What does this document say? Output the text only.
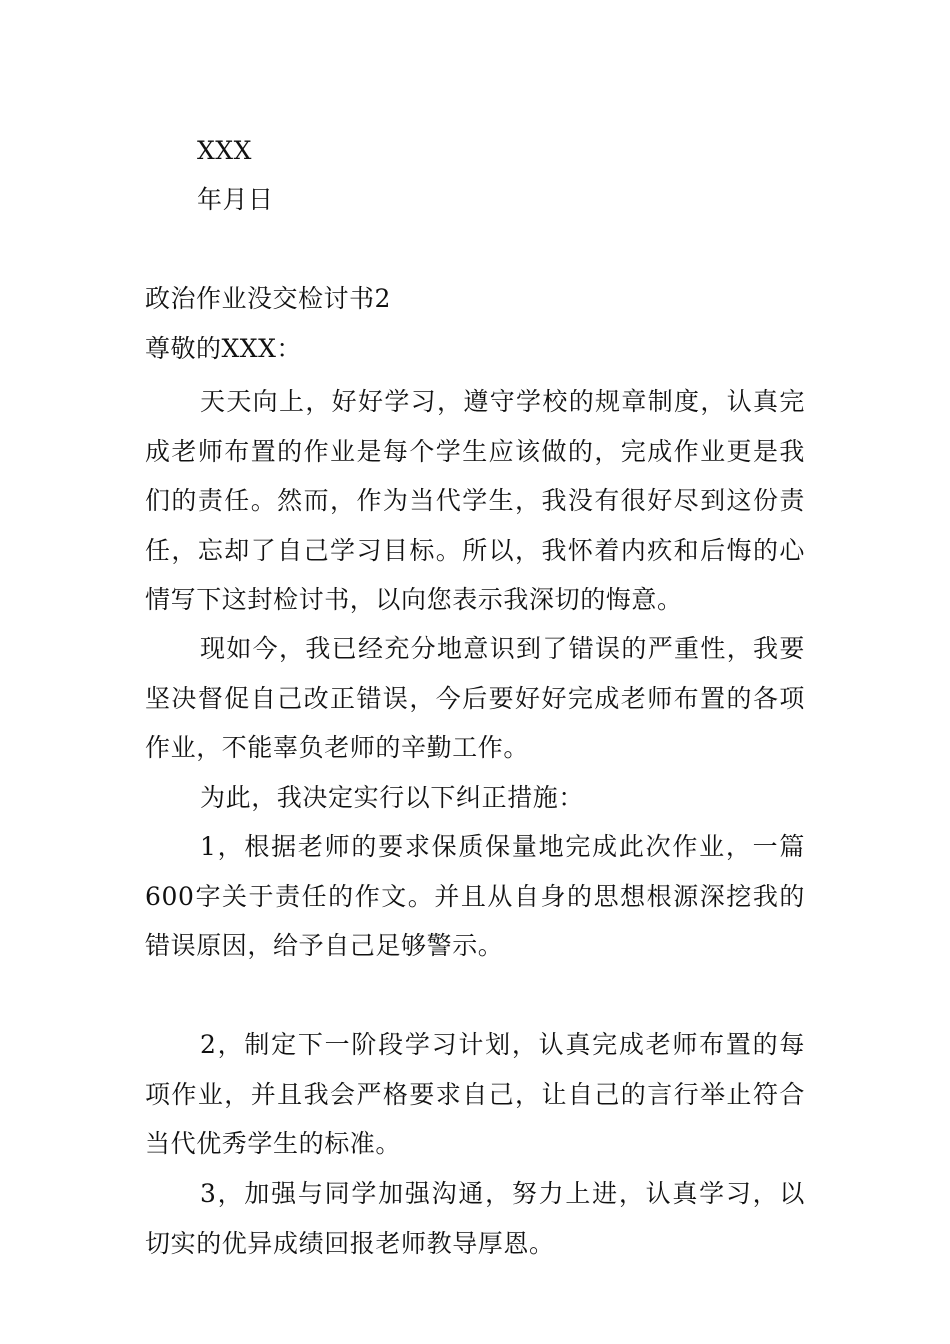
XXX
年月日
政治作业没交检讨书2
尊敬的XXX：
天天向上，好好学习，遵守学校的规章制度，认真完成老师布置的作业是每个学生应该做的，完成作业更是我们的责任。然而，作为当代学生，我没有很好尽到这份责任，忘却了自己学习目标。所以，我怀着内疚和后悔的心情写下这封检讨书，以向您表示我深切的悔意。
现如今，我已经充分地意识到了错误的严重性，我要坚决督促自己改正错误，今后要好好完成老师布置的各项作业，不能辜负老师的辛勤工作。
为此，我决定实行以下纠正措施：
1，根据老师的要求保质保量地完成此次作业，一篇600字关于责任的作文。并且从自身的思想根源深挖我的错误原因，给予自己足够警示。
2，制定下一阶段学习计划，认真完成老师布置的每项作业，并且我会严格要求自己，让自己的言行举止符合当代优秀学生的标准。
3，加强与同学加强沟通，努力上进，认真学习，以切实的优异成绩回报老师教导厚恩。
